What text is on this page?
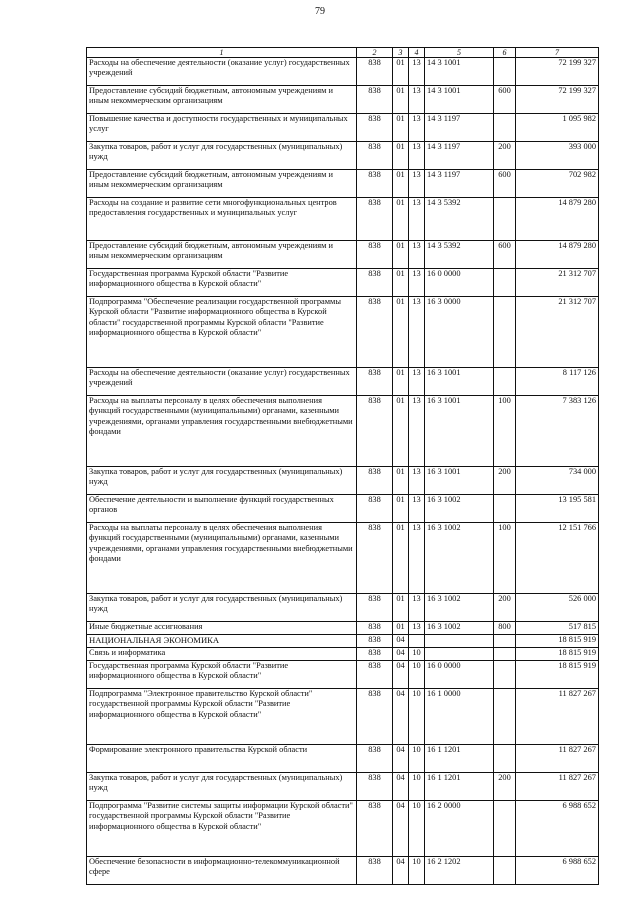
79
1	2	3	4	5	6	7
Расходы на обеспечение деятельности (оказание услуг) государственных учреждений	838	01	13	14 3 1001		72 199 327
Предоставление субсидий бюджетным, автономным учреждениям и иным некоммерческим организациям	838	01	13	14 3 1001	600	72 199 327
Повышение качества и доступности государственных и муниципальных услуг	838	01	13	14 3 1197		1 095 982
Закупка товаров, работ и услуг для государственных (муниципальных) нужд	838	01	13	14 3 1197	200	393 000
Предоставление субсидий бюджетным, автономным учреждениям и иным некоммерческим организациям	838	01	13	14 3 1197	600	702 982
Расходы на создание и развитие сети многофункциональных центров предоставления государственных и муниципальных услуг	838	01	13	14 3 5392		14 879 280
Предоставление субсидий бюджетным, автономным учреждениям и иным некоммерческим организациям	838	01	13	14 3 5392	600	14 879 280
Государственная программа Курской области "Развитие информационного общества в Курской области"	838	01	13	16 0 0000		21 312 707
Подпрограмма "Обеспечение реализации государственной программы Курской области "Развитие информационного общества в Курской области" государственной программы Курской области "Развитие информационного общества в Курской области"	838	01	13	16 3 0000		21 312 707
Расходы на обеспечение деятельности (оказание услуг) государственных учреждений	838	01	13	16 3 1001		8 117 126
Расходы на выплаты персоналу в целях обеспечения выполнения функций государственными (муниципальными) органами, казенными учреждениями, органами управления государственными внебюджетными фондами	838	01	13	16 3 1001	100	7 383 126
Закупка товаров, работ и услуг для государственных (муниципальных) нужд	838	01	13	16 3 1001	200	734 000
Обеспечение деятельности и выполнение функций государственных органов	838	01	13	16 3 1002		13 195 581
Расходы на выплаты персоналу в целях обеспечения выполнения функций государственными (муниципальными) органами, казенными учреждениями, органами управления государственными внебюджетными фондами	838	01	13	16 3 1002	100	12 151 766
Закупка товаров, работ и услуг для государственных (муниципальных) нужд	838	01	13	16 3 1002	200	526 000
Иные бюджетные ассигнования	838	01	13	16 3 1002	800	517 815
НАЦИОНАЛЬНАЯ ЭКОНОМИКА	838	04				18 815 919
Связь и информатика	838	04	10			18 815 919
Государственная программа Курской области "Развитие информационного общества в Курской области"	838	04	10	16 0 0000		18 815 919
Подпрограмма "Электронное правительство Курской области" государственной программы Курской области "Развитие информационного общества в Курской области"	838	04	10	16 1 0000		11 827 267
Формирование электронного правительства Курской области	838	04	10	16 1 1201		11 827 267
Закупка товаров, работ и услуг для государственных (муниципальных) нужд	838	04	10	16 1 1201	200	11 827 267
Подпрограмма "Развитие системы защиты информации Курской области" государственной программы Курской области "Развитие информационного общества в Курской области"	838	04	10	16 2 0000		6 988 652
Обеспечение безопасности в информационно-телекоммуникационной сфере	838	04	10	16 2 1202		6 988 652
